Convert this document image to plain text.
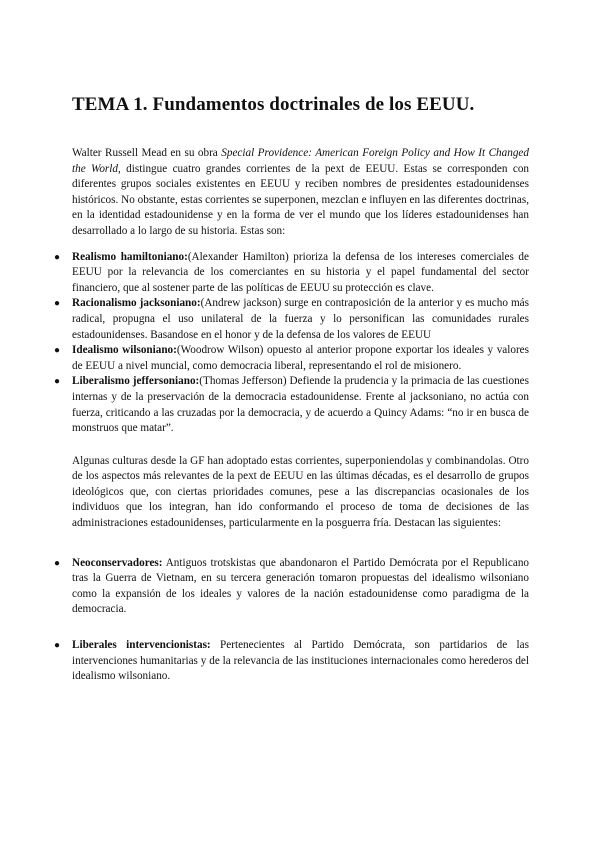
TEMA 1. Fundamentos doctrinales de los EEUU.

Walter Russell Mead en su obra Special Providence: American Foreign Policy and How It Changed the World, distingue cuatro grandes corrientes de la pext de EEUU. Estas se corresponden con diferentes grupos sociales existentes en EEUU y reciben nombres de presidentes estadounidenses históricos. No obstante, estas corrientes se superponen, mezclan e influyen en las diferentes doctrinas, en la identidad estadounidense y en la forma de ver el mundo que los líderes estadounidenses han desarrollado a lo largo de su historia. Estas son:

● Realismo hamiltoniano:(Alexander Hamilton) prioriza la defensa de los intereses comerciales de EEUU por la relevancia de los comerciantes en su historia y el papel fundamental del sector financiero, que al sostener parte de las políticas de EEUU su protección es clave.
● Racionalismo jacksoniano:(Andrew jackson) surge en contraposición de la anterior y es mucho más radical, propugna el uso unilateral de la fuerza y lo personifican las comunidades rurales estadounidenses. Basandose en el honor y de la defensa de los valores de EEUU
● Idealismo wilsoniano:(Woodrow Wilson) opuesto al anterior propone exportar los ideales y valores de EEUU a nivel muncial, como democracia liberal, representando el rol de misionero.
● Liberalismo jeffersoniano:(Thomas Jefferson) Defiende la prudencia y la primacia de las cuestiones internas y de la preservación de la democracia estadounidense. Frente al jacksoniano, no actúa con fuerza, criticando a las cruzadas por la democracia, y de acuerdo a Quincy Adams: “no ir en busca de monstruos que matar”.

Algunas culturas desde la GF han adoptado estas corrientes, superponiendolas y combinandolas. Otro de los aspectos más relevantes de la pext de EEUU en las últimas décadas, es el desarrollo de grupos ideológicos que, con ciertas prioridades comunes, pese a las discrepancias ocasionales de los individuos que los integran, han ido conformando el proceso de toma de decisiones de las administraciones estadounidenses, particularmente en la posguerra fría. Destacan las siguientes:

● Neoconservadores: Antiguos trotskistas que abandonaron el Partido Demócrata por el Republicano tras la Guerra de Vietnam, en su tercera generación tomaron propuestas del idealismo wilsoniano como la expansión de los ideales y valores de la nación estadounidense como paradigma de la democracia.
● Liberales intervencionistas: Pertenecientes al Partido Demócrata, son partidarios de las intervenciones humanitarias y de la relevancia de las instituciones internacionales como herederos del idealismo wilsoniano.
